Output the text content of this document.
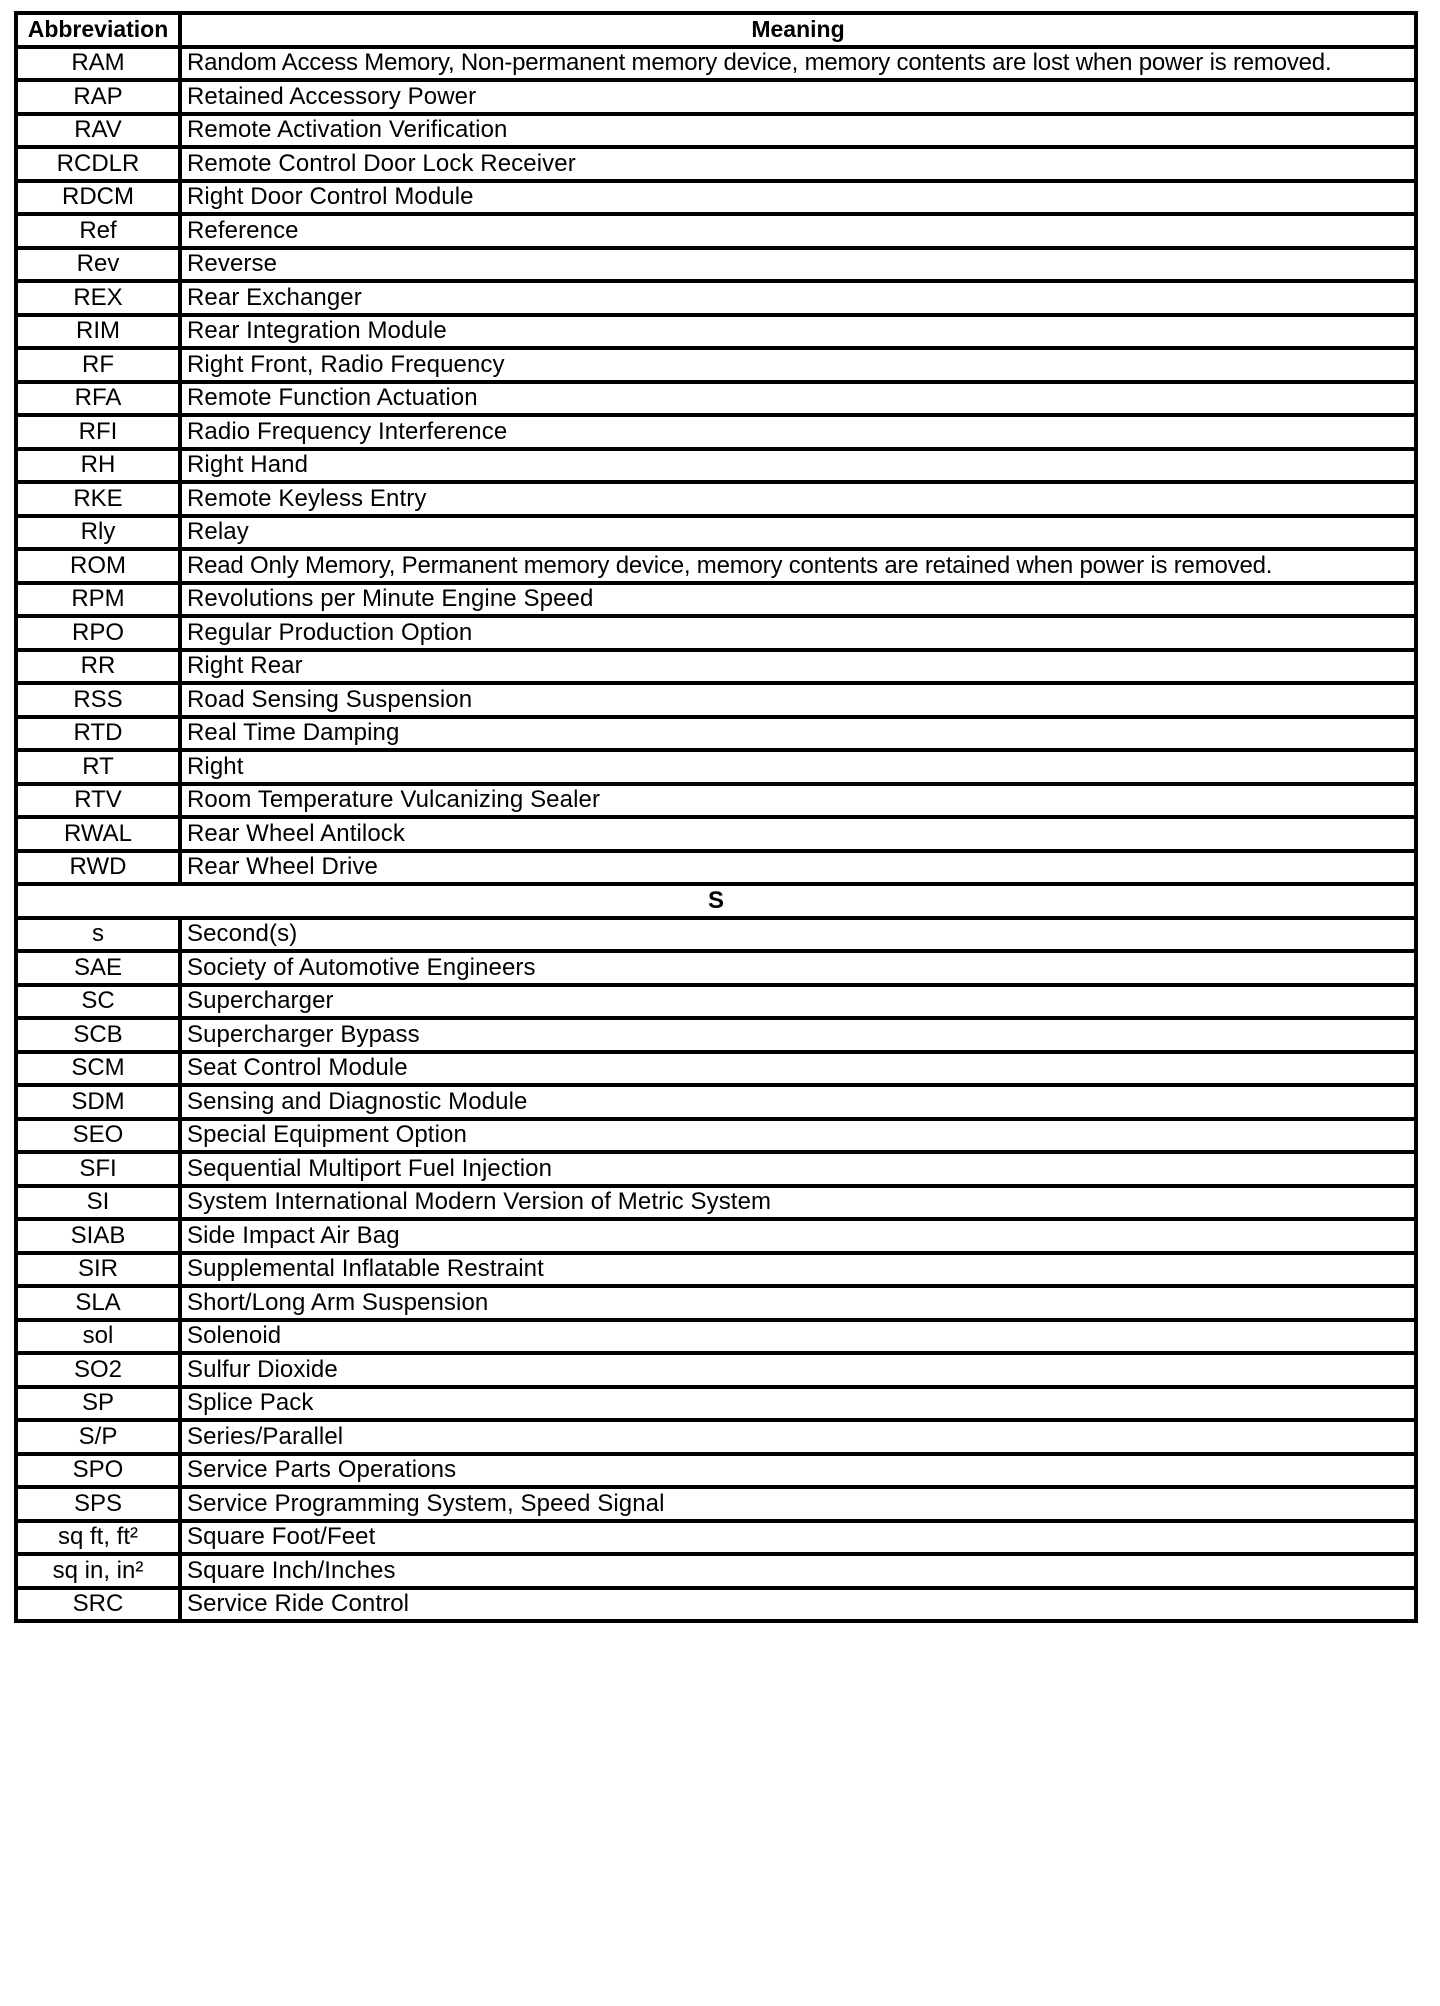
Abbreviation	Meaning
RAM	Random Access Memory, Non-permanent memory device, memory contents are lost when power is removed.
RAP	Retained Accessory Power
RAV	Remote Activation Verification
RCDLR	Remote Control Door Lock Receiver
RDCM	Right Door Control Module
Ref	Reference
Rev	Reverse
REX	Rear Exchanger
RIM	Rear Integration Module
RF	Right Front, Radio Frequency
RFA	Remote Function Actuation
RFI	Radio Frequency Interference
RH	Right Hand
RKE	Remote Keyless Entry
Rly	Relay
ROM	Read Only Memory, Permanent memory device, memory contents are retained when power is removed.
RPM	Revolutions per Minute Engine Speed
RPO	Regular Production Option
RR	Right Rear
RSS	Road Sensing Suspension
RTD	Real Time Damping
RT	Right
RTV	Room Temperature Vulcanizing Sealer
RWAL	Rear Wheel Antilock
RWD	Rear Wheel Drive
S	
s	Second(s)
SAE	Society of Automotive Engineers
SC	Supercharger
SCB	Supercharger Bypass
SCM	Seat Control Module
SDM	Sensing and Diagnostic Module
SEO	Special Equipment Option
SFI	Sequential Multiport Fuel Injection
SI	System International Modern Version of Metric System
SIAB	Side Impact Air Bag
SIR	Supplemental Inflatable Restraint
SLA	Short/Long Arm Suspension
sol	Solenoid
SO2	Sulfur Dioxide
SP	Splice Pack
S/P	Series/Parallel
SPO	Service Parts Operations
SPS	Service Programming System, Speed Signal
sq ft, ft²	Square Foot/Feet
sq in, in²	Square Inch/Inches
SRC	Service Ride Control
